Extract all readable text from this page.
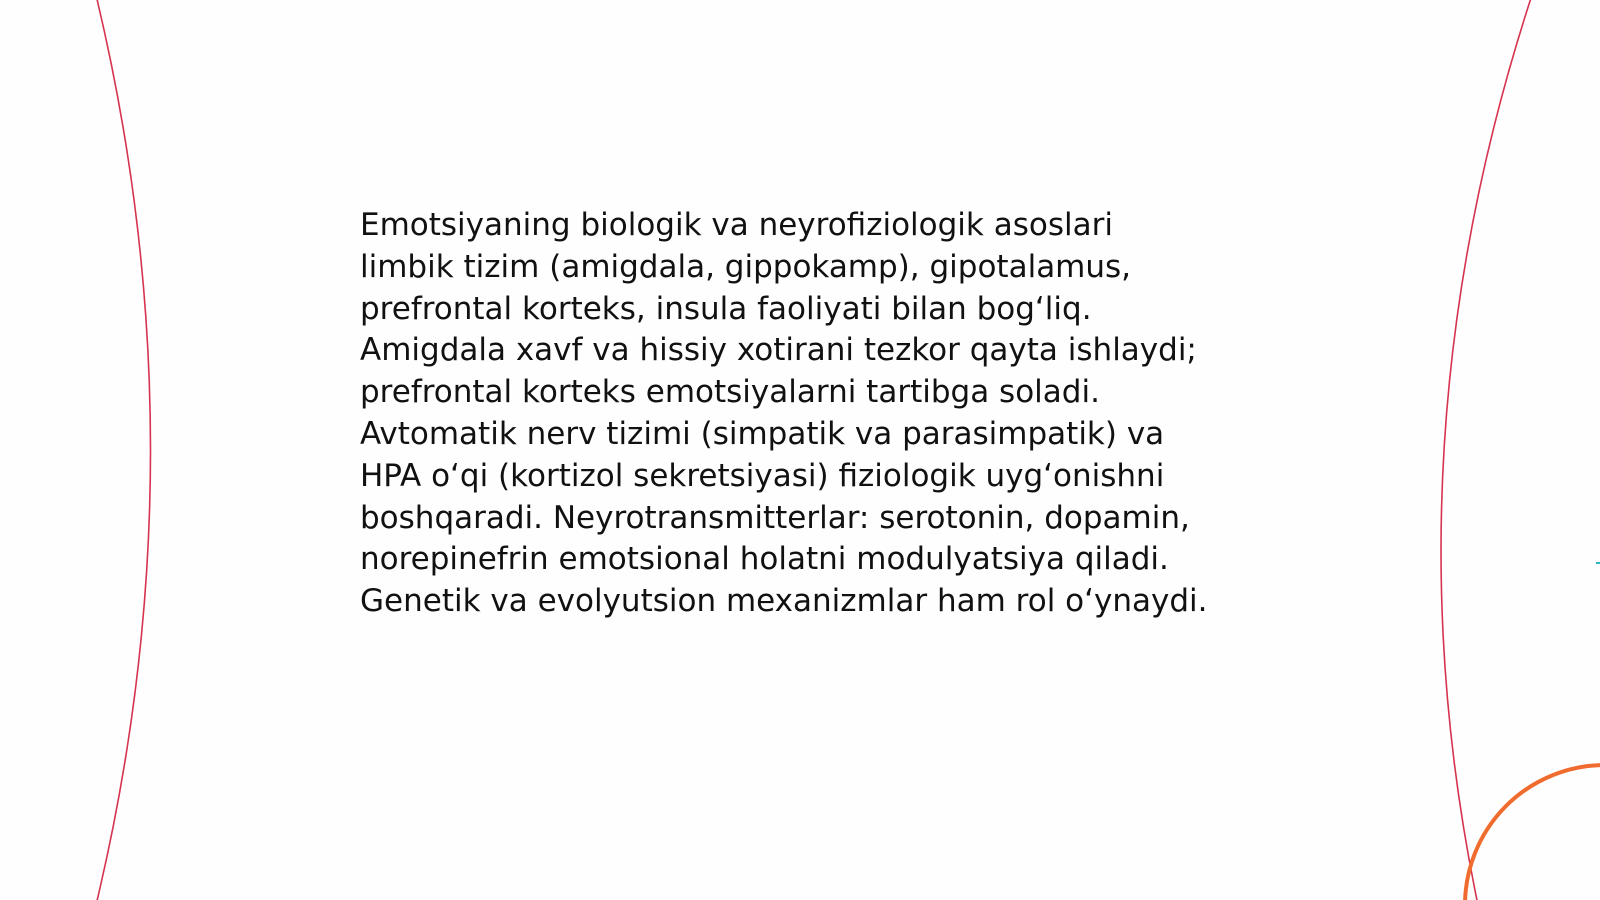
Emotsiyaning biologik va neyrofiziologik asoslari
limbik tizim (amigdala, gippokamp), gipotalamus,
prefrontal korteks, insula faoliyati bilan bog‘liq.
Amigdala xavf va hissiy xotirani tezkor qayta ishlaydi;
prefrontal korteks emotsiyalarni tartibga soladi.
Avtomatik nerv tizimi (simpatik va parasimpatik) va
HPA o‘qi (kortizol sekretsiyasi) fiziologik uyg‘onishni
boshqaradi. Neyrotransmitterlar: serotonin, dopamin,
norepinefrin emotsional holatni modulyatsiya qiladi.
Genetik va evolyutsion mexanizmlar ham rol o‘ynaydi.
